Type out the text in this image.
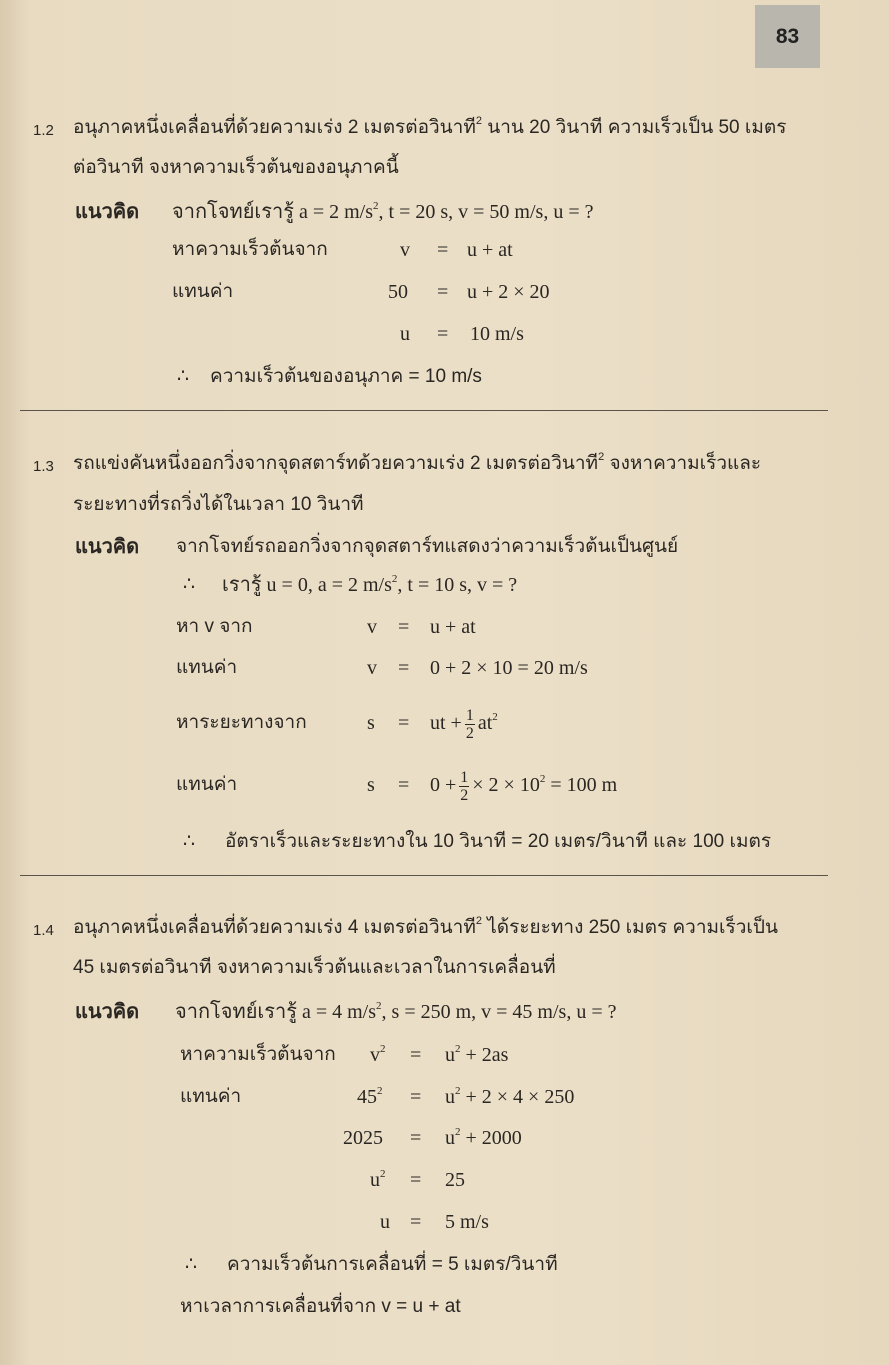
83
1.2 อนุภาคหนึ่งเคลื่อนที่ด้วยความเร่ง 2 เมตรต่อวินาที$^2$ นาน 20 วินาที ความเร็วเป็น 50 เมตร
ต่อวินาที จงหาความเร็วต้นของอนุภาคนี้
แนวคิด จากโจทย์เรารู้ a = 2 $m/s^2$, t = 20 s, v = 50 m/s, u = ?
หาความเร็วต้นจาก	v = u + at
แทนค่า	50 = u + 2 × 20
u = 10 m/s
∴ ความเร็วต้นของอนุภาค = 10 m/s
1.3 รถแข่งคันหนึ่งออกวิ่งจากจุดสตาร์ทด้วยความเร่ง 2 เมตรต่อวินาที$^2$ จงหาความเร็วและ
ระยะทางที่รถวิ่งได้ในเวลา 10 วินาที
แนวคิด จากโจทย์รถออกวิ่งจากจุดสตาร์ทแสดงว่าความเร็วต้นเป็นศูนย์
∴ เรารู้ u = 0, a = 2 $m/s^2$, t = 10 s, v = ?
หา v จาก	v = u + at
แทนค่า	v = 0 + 2 × 10 = 20 m/s
หาระยะทางจาก	s = ut + $\frac{1}{2} at^2$
แทนค่า	$s = 0 + \frac{1}{2} \times 2 \times 10^2 = 100$ m
∴ อัตราเร็วและระยะทางใน 10 วินาที = 20 เมตร/วินาที และ 100 เมตร
1.4 อนุภาคหนึ่งเคลื่อนที่ด้วยความเร่ง 4 เมตรต่อวินาที$^2$ ได้ระยะทาง 250 เมตร ความเร็วเป็น
45 เมตรต่อวินาที จงหาความเร็วต้นและเวลาในการเคลื่อนที่
แนวคิด จากโจทย์เรารู้ a = 4 $m/s^2$, s = 250 m, v = 45 m/s, u = ?
หาความเร็วต้นจาก $v^2 = u^2 + 2as$
แทนค่า	$45^2 = u^2 + 2 \times 4 \times 250$
$2025 = u^2 + 2000$
$u^2 = 25$
u = 5 m/s
∴ ความเร็วต้นการเคลื่อนที่ = 5 เมตร/วินาที
หาเวลาการเคลื่อนที่จาก v = u + at
